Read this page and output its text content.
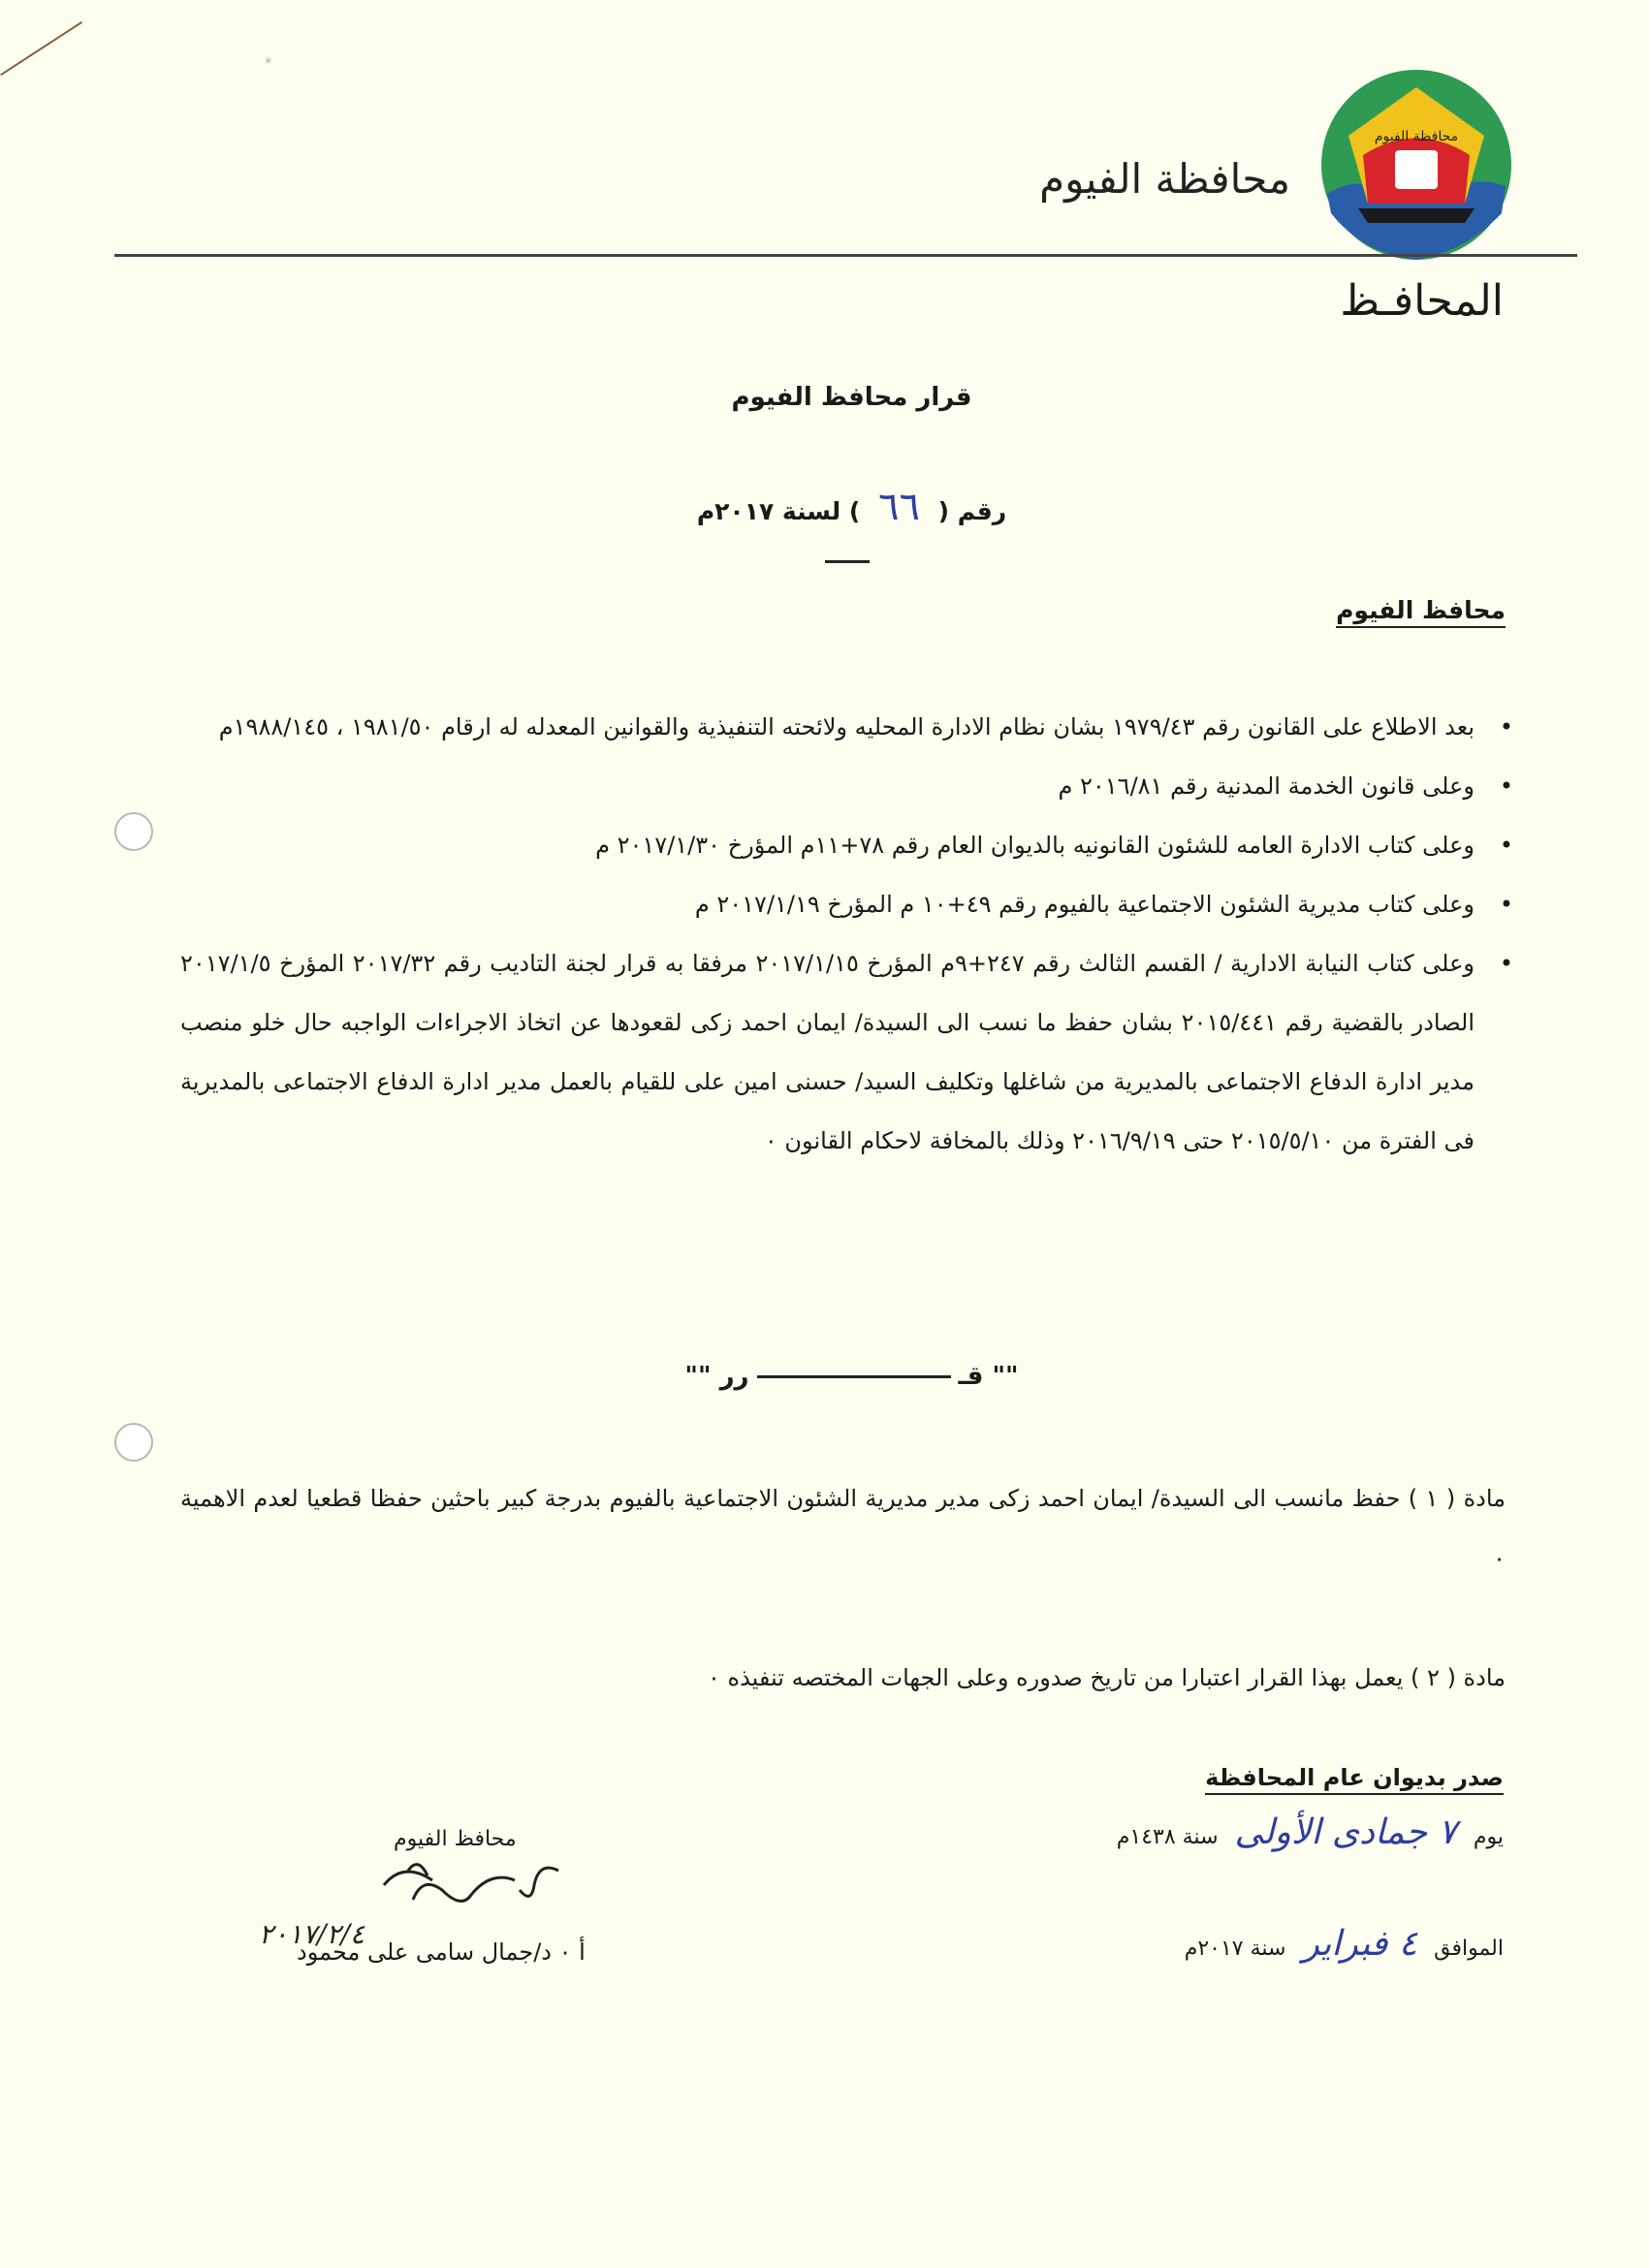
✳
محافظة الفيوم
محافظة الفيوم
المحافـظ
قرار محافظ الفيوم
رقم ( ٦٦ ) لسنة ٢٠١٧م
محافظ الفيوم
• بعد الاطلاع على القانون رقم ١٩٧٩/٤٣ بشان نظام الادارة المحليه ولائحته التنفيذية والقوانين المعدله له ارقام ١٩٨١/٥٠ ، ١٩٨٨/١٤٥م
• وعلى قانون الخدمة المدنية رقم ٢٠١٦/٨١ م
• وعلى كتاب الادارة العامه للشئون القانونيه بالديوان العام رقم ٧٨+١١م المؤرخ ٢٠١٧/١/٣٠ م
• وعلى كتاب مديرية الشئون الاجتماعية بالفيوم رقم ٤٩+١٠ م المؤرخ ٢٠١٧/١/١٩ م
• وعلى كتاب النيابة الادارية / القسم الثالث رقم ٢٤٧+٩م المؤرخ ٢٠١٧/١/١٥ مرفقا به قرار لجنة التاديب رقم ٢٠١٧/٣٢ المؤرخ ٢٠١٧/١/٥ الصادر بالقضية رقم ٢٠١٥/٤٤١ بشان حفظ ما نسب الى السيدة/ ايمان احمد زكى لقعودها عن اتخاذ الاجراءات الواجبه حال خلو منصب مدير ادارة الدفاع الاجتماعى بالمديرية من شاغلها وتكليف السيد/ حسنى امين على للقيام بالعمل مدير ادارة الدفاع الاجتماعى بالمديرية فى الفترة من ٢٠١٥/٥/١٠ حتى ٢٠١٦/٩/١٩ وذلك بالمخافة لاحكام القانون ٠
"" قـرر ""
مادة ( ١ ) حفظ مانسب الى السيدة/ ايمان احمد زكى مدير مديرية الشئون الاجتماعية بالفيوم بدرجة كبير باحثين حفظا قطعيا لعدم الاهمية ٠
مادة ( ٢ ) يعمل بهذا القرار اعتبارا من تاريخ صدوره وعلى الجهات المختصه تنفيذه ٠
صدر بديوان عام المحافظة
يوم ٧ جمادى الأولى سنة ١٤٣٨م
الموافق ٤ فبراير سنة ٢٠١٧م
محافظ الفيوم
٢٠١٧/٢/٤
أ ٠ د/جمال سامى على محمود
